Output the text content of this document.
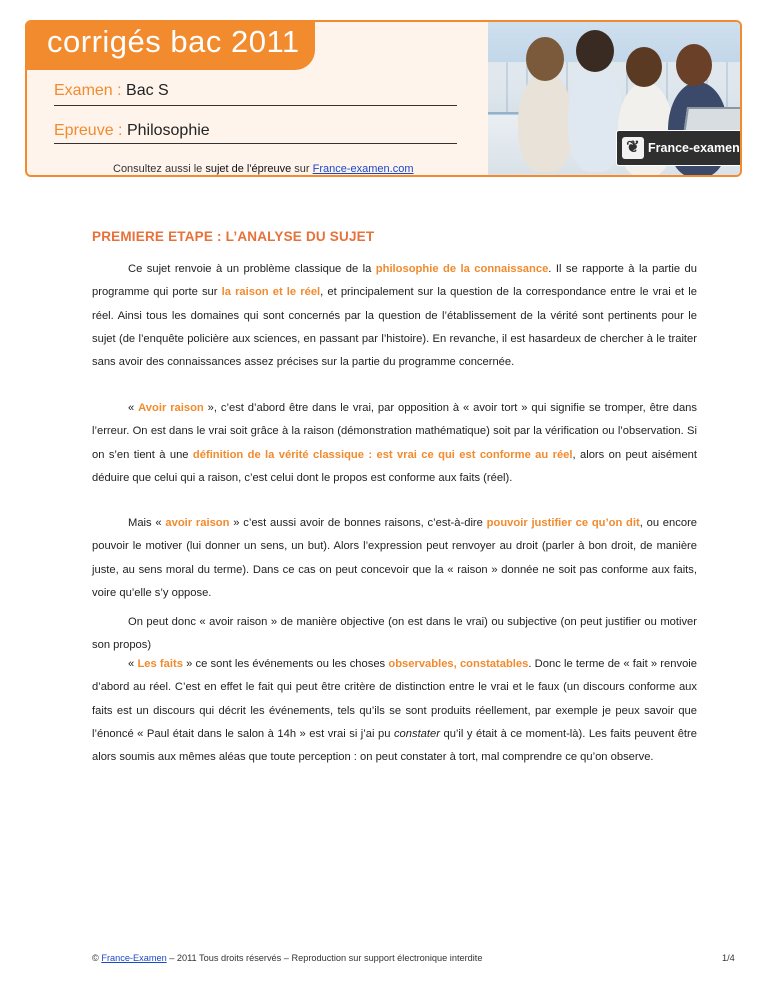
corrigés bac 2011
Examen : Bac S
Epreuve : Philosophie
Consultez aussi le sujet de l'épreuve sur France-examen.com
❦ France-examen
PREMIERE ETAPE : L’ANALYSE DU SUJET

Ce sujet renvoie à un problème classique de la philosophie de la connaissance. Il se rapporte à la partie du programme qui porte sur la raison et le réel, et principalement sur la question de la correspondance entre le vrai et le réel. Ainsi tous les domaines qui sont concernés par la question de l’établissement de la vérité sont pertinents pour le sujet (de l’enquête policière aux sciences, en passant par l’histoire). En revanche, il est hasardeux de chercher à le traiter sans avoir des connaissances assez précises sur la partie du programme concernée.

« Avoir raison », c’est d’abord être dans le vrai, par opposition à « avoir tort » qui signifie se tromper, être dans l’erreur. On est dans le vrai soit grâce à la raison (démonstration mathématique) soit par la vérification ou l’observation. Si on s’en tient à une définition de la vérité classique : est vrai ce qui est conforme au réel, alors on peut aisément déduire que celui qui a raison, c’est celui dont le propos est conforme aux faits (réel).

Mais « avoir raison » c’est aussi avoir de bonnes raisons, c’est-à-dire pouvoir justifier ce qu’on dit, ou encore pouvoir le motiver (lui donner un sens, un but). Alors l’expression peut renvoyer au droit (parler à bon droit, de manière juste, au sens moral du terme). Dans ce cas on peut concevoir que la « raison » donnée ne soit pas conforme aux faits, voire qu’elle s’y oppose.

On peut donc « avoir raison » de manière objective (on est dans le vrai) ou subjective (on peut justifier ou motiver son propos)

« Les faits » ce sont les événements ou les choses observables, constatables. Donc le terme de « fait » renvoie d’abord au réel. C’est en effet le fait qui peut être critère de distinction entre le vrai et le faux (un discours conforme aux faits est un discours qui décrit les événements, tels qu’ils se sont produits réellement, par exemple je peux savoir que l’énoncé « Paul était dans le salon à 14h » est vrai si j’ai pu constater qu’il y était à ce moment-là). Les faits peuvent être alors soumis aux mêmes aléas que toute perception : on peut constater à tort, mal comprendre ce qu’on observe.

© France-Examen – 2011 Tous droits réservés – Reproduction sur support électronique interdite	1/4
